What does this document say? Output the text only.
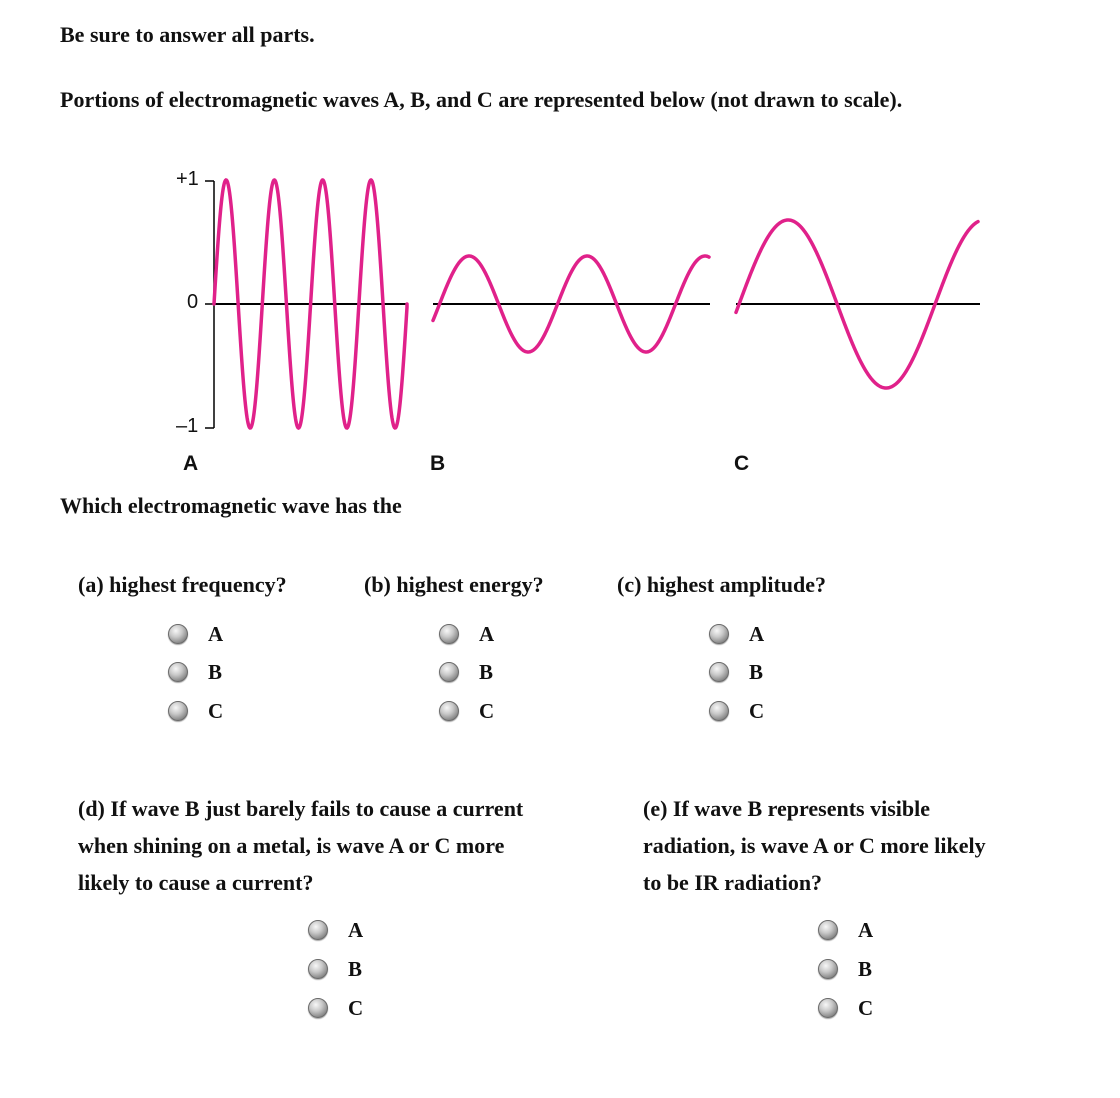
Be sure to answer all parts.
Portions of electromagnetic waves A, B, and C are represented below (not drawn to scale).
+1
0
–1
A	B	C
Which electromagnetic wave has the
(a) highest frequency?	(b) highest energy?	(c) highest amplitude?
A
B
C
A
B
C
A
B
C
(d) If wave B just barely fails to cause a current
when shining on a metal, is wave A or C more
likely to cause a current?
(e) If wave B represents visible
radiation, is wave A or C more likely
to be IR radiation?
A
B
C
A
B
C
